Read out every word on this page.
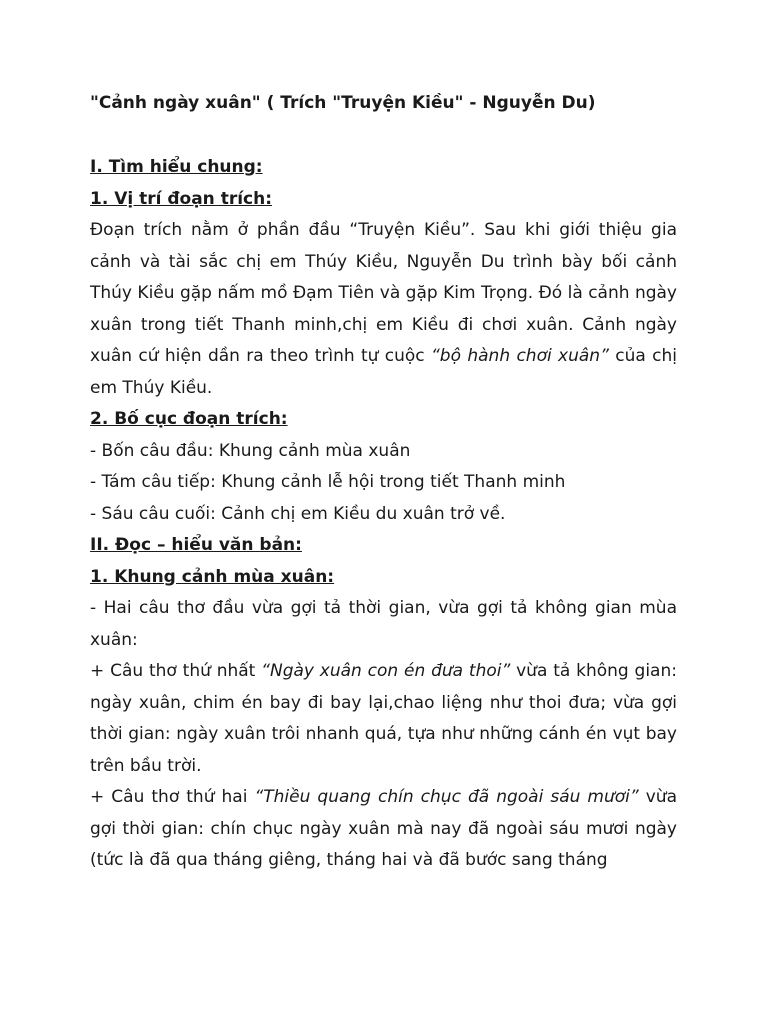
"Cảnh ngày xuân" ( Trích "Truyện Kiều" - Nguyễn Du)

I. Tìm hiểu chung:

1. Vị trí đoạn trích:

Đoạn trích nằm ở phần đầu “Truyện Kiều”. Sau khi giới thiệu gia cảnh và tài sắc chị em Thúy Kiều, Nguyễn Du trình bày bối cảnh Thúy Kiều gặp nấm mồ Đạm Tiên và gặp Kim Trọng. Đó là cảnh ngày xuân trong tiết Thanh minh,chị em Kiều đi chơi xuân. Cảnh ngày xuân cứ hiện dần ra theo trình tự cuộc “bộ hành chơi xuân” của chị em Thúy Kiều.

2. Bố cục đoạn trích:

- Bốn câu đầu: Khung cảnh mùa xuân

- Tám câu tiếp: Khung cảnh lễ hội trong tiết Thanh minh

- Sáu câu cuối: Cảnh chị em Kiều du xuân trở về.

II. Đọc – hiểu văn bản:

1. Khung cảnh mùa xuân:

- Hai câu thơ đầu vừa gợi tả thời gian, vừa gợi tả không gian mùa xuân:

+ Câu thơ thứ nhất “Ngày xuân con én đưa thoi” vừa tả không gian: ngày xuân, chim én bay đi bay lại,chao liệng như thoi đưa; vừa gợi thời gian: ngày xuân trôi nhanh quá, tựa như những cánh én vụt bay trên bầu trời.

+ Câu thơ thứ hai “Thiều quang chín chục đã ngoài sáu mươi” vừa gợi thời gian: chín chục ngày xuân mà nay đã ngoài sáu mươi ngày (tức là đã qua tháng giêng, tháng hai và đã bước sang tháng
